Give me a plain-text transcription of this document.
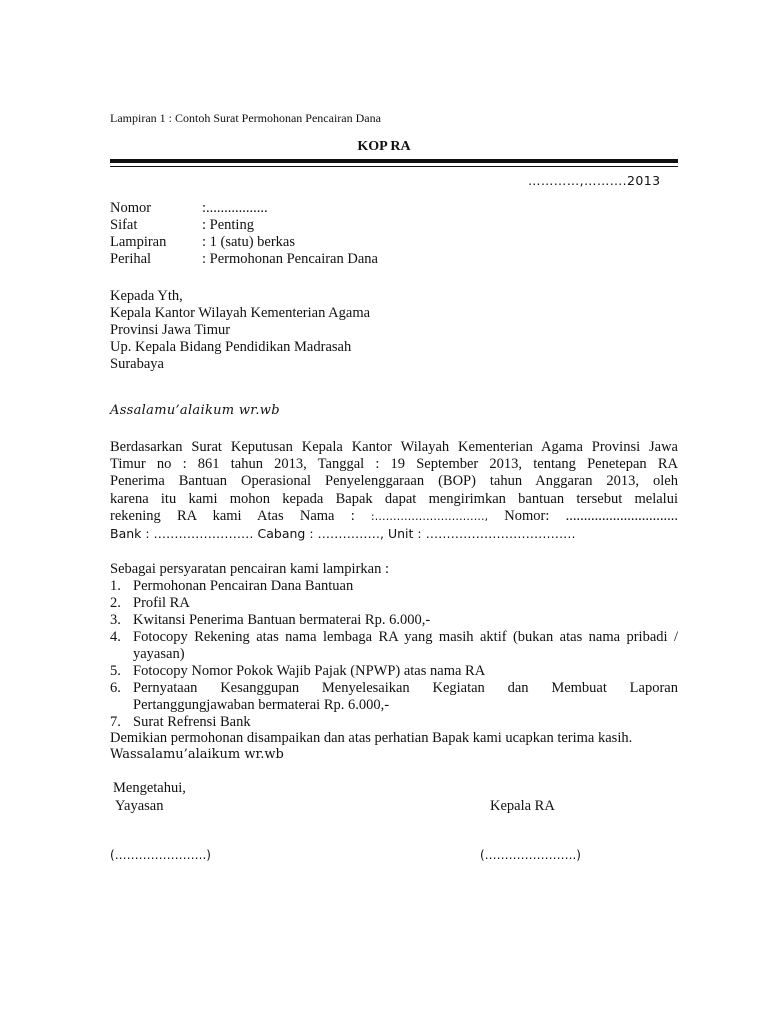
Lampiran 1 : Contoh Surat Permohonan Pencairan Dana
KOP RA
…………,……….2013
Nomor	:.................
Sifat	: Penting
Lampiran : 1 (satu) berkas
Perihal	: Permohonan Pencairan Dana
Kepada Yth,
Kepala Kantor Wilayah Kementerian Agama
Provinsi Jawa Timur
Up. Kepala Bidang Pendidikan Madrasah
Surabaya
Assalamu’alaikum wr.wb
Berdasarkan Surat Keputusan Kepala Kantor Wilayah Kementerian Agama Provinsi Jawa
Timur no : 861 tahun 2013, Tanggal : 19 September 2013, tentang Penetepan RA
Penerima Bantuan Operasional Penyelenggaraan (BOP) tahun Anggaran 2013, oleh
karena itu kami mohon kepada Bapak dapat mengirimkan bantuan tersebut melalui
rekening RA kami Atas Nama : :…………………………, Nomor: ...............................
Bank : …………………… Cabang : ……………, Unit : ………………………………
Sebagai persyaratan pencairan kami lampirkan :
1. Permohonan Pencairan Dana Bantuan
2. Profil RA
3. Kwitansi Penerima Bantuan bermaterai Rp. 6.000,-
4. Fotocopy Rekening atas nama lembaga RA yang masih aktif (bukan atas nama pribadi / yayasan)
5. Fotocopy Nomor Pokok Wajib Pajak (NPWP) atas nama RA
6. Pernyataan Kesanggupan Menyelesaikan Kegiatan dan Membuat Laporan Pertanggungjawaban bermaterai Rp. 6.000,-
7. Surat Refrensi Bank
Demikian permohonan disampaikan dan atas perhatian Bapak kami ucapkan terima kasih.
Wassalamu’alaikum wr.wb
Mengetahui,
Yayasan	Kepala RA
(…………………..)	(…………………..)
